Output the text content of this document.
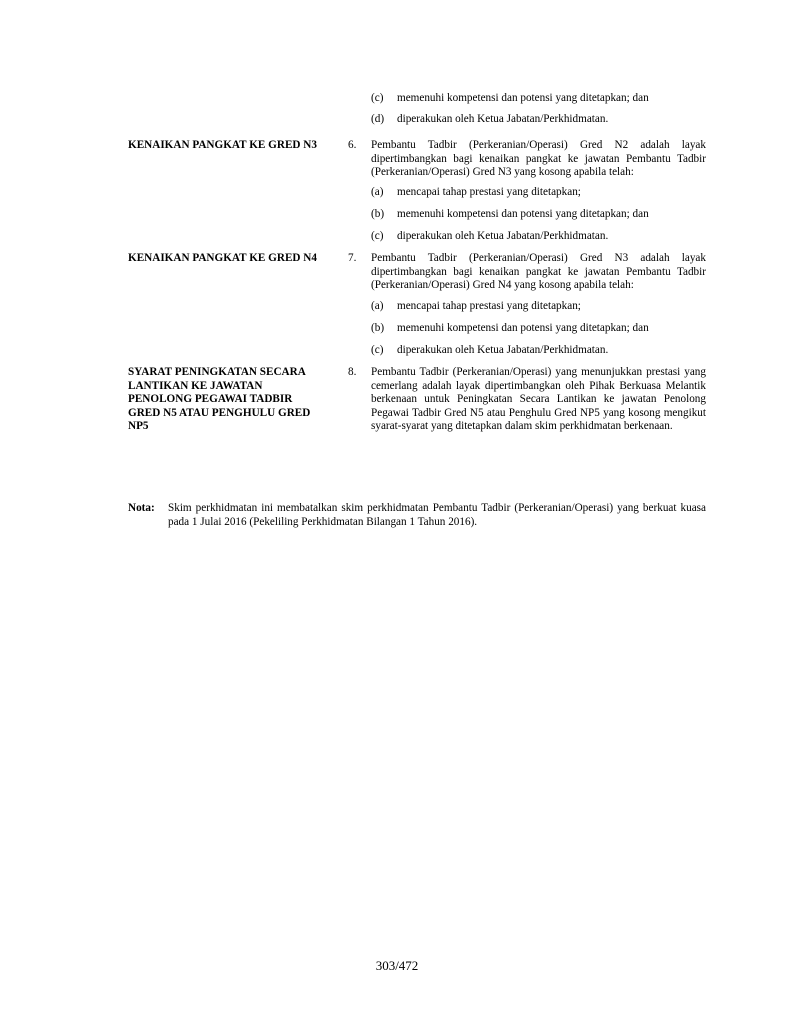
(c) memenuhi kompetensi dan potensi yang ditetapkan; dan
(d) diperakukan oleh Ketua Jabatan/Perkhidmatan.
KENAIKAN PANGKAT KE GRED N3	6. Pembantu Tadbir (Perkeranian/Operasi) Gred N2 adalah layak dipertimbangkan bagi kenaikan pangkat ke jawatan Pembantu Tadbir (Perkeranian/Operasi) Gred N3 yang kosong apabila telah:
(a) mencapai tahap prestasi yang ditetapkan;
(b) memenuhi kompetensi dan potensi yang ditetapkan; dan
(c) diperakukan oleh Ketua Jabatan/Perkhidmatan.
KENAIKAN PANGKAT KE GRED N4	7. Pembantu Tadbir (Perkeranian/Operasi) Gred N3 adalah layak dipertimbangkan bagi kenaikan pangkat ke jawatan Pembantu Tadbir (Perkeranian/Operasi) Gred N4 yang kosong apabila telah:
(a) mencapai tahap prestasi yang ditetapkan;
(b) memenuhi kompetensi dan potensi yang ditetapkan; dan
(c) diperakukan oleh Ketua Jabatan/Perkhidmatan.
SYARAT PENINGKATAN SECARA LANTIKAN KE JAWATAN PENOLONG PEGAWAI TADBIR GRED N5 ATAU PENGHULU GRED NP5
8. Pembantu Tadbir (Perkeranian/Operasi) yang menunjukkan prestasi yang cemerlang adalah layak dipertimbangkan oleh Pihak Berkuasa Melantik berkenaan untuk Peningkatan Secara Lantikan ke jawatan Penolong Pegawai Tadbir Gred N5 atau Penghulu Gred NP5 yang kosong mengikut syarat-syarat yang ditetapkan dalam skim perkhidmatan berkenaan.
Nota: Skim perkhidmatan ini membatalkan skim perkhidmatan Pembantu Tadbir (Perkeranian/Operasi) yang berkuat kuasa pada 1 Julai 2016 (Pekeliling Perkhidmatan Bilangan 1 Tahun 2016).
303/472
